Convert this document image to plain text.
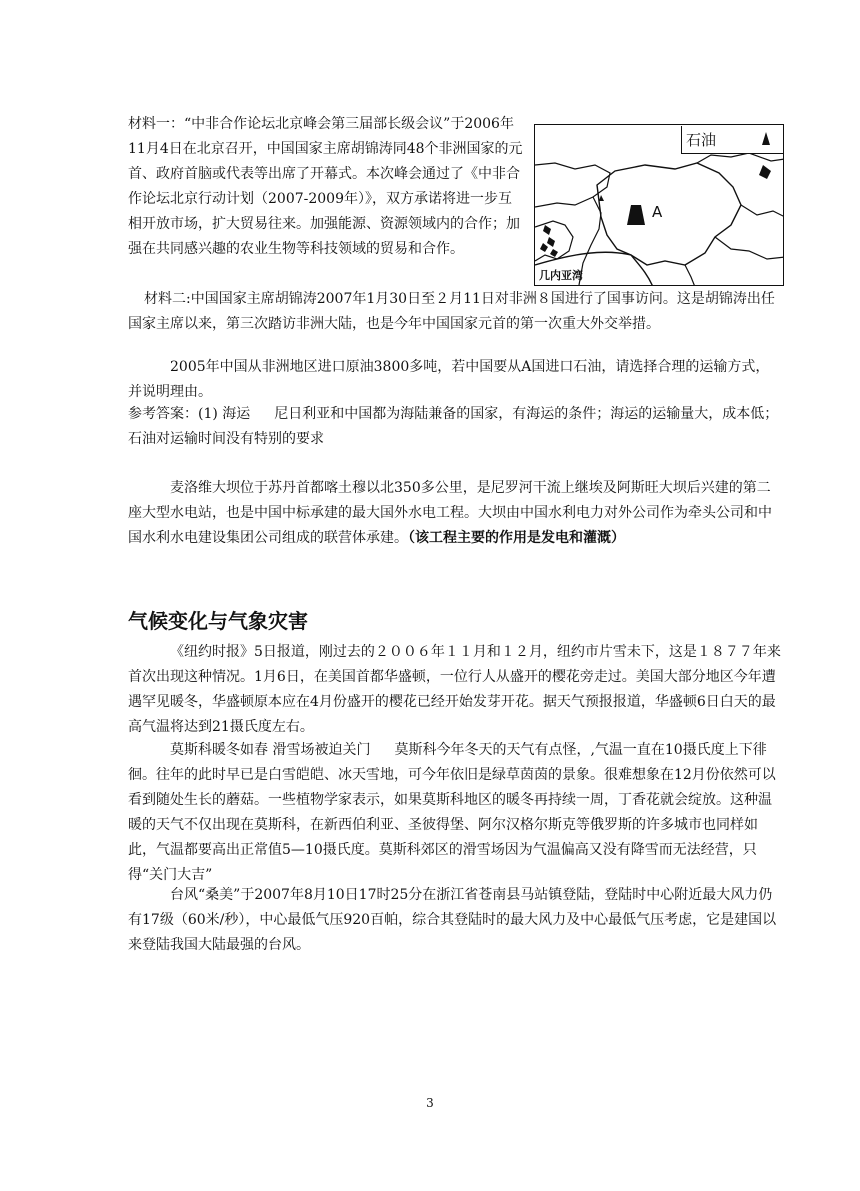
材料一：“中非合作论坛北京峰会第三届部长级会议”于2006年11月4日在北京召开，中国国家主席胡锦涛同48个非洲国家的元首、政府首脑或代表等出席了开幕式。本次峰会通过了《中非合作论坛北京行动计划（2007-2009年）》，双方承诺将进一步互相开放市场，扩大贸易往来。加强能源、资源领域内的合作；加强在共同感兴趣的农业生物等科技领域的贸易和合作。

石油
A
几内亚湾

材料二:中国国家主席胡锦涛2007年1月30日至２月11日对非洲８国进行了国事访问。这是胡锦涛出任国家主席以来，第三次踏访非洲大陆，也是今年中国国家元首的第一次重大外交举措。

2005年中国从非洲地区进口原油3800多吨，若中国要从A国进口石油，请选择合理的运输方式，并说明理由。

参考答案：(1) 海运 尼日利亚和中国都为海陆兼备的国家，有海运的条件；海运的运输量大，成本低；石油对运输时间没有特别的要求

麦洛维大坝位于苏丹首都喀土穆以北350多公里，是尼罗河干流上继埃及阿斯旺大坝后兴建的第二座大型水电站，也是中国中标承建的最大国外水电工程。大坝由中国水利电力对外公司作为牵头公司和中国水利水电建设集团公司组成的联营体承建。（该工程主要的作用是发电和灌溉）

气候变化与气象灾害

《纽约时报》5日报道，刚过去的２００６年１１月和１２月，纽约市片雪未下，这是１８７７年来首次出现这种情况。1月6日，在美国首都华盛顿，一位行人从盛开的樱花旁走过。美国大部分地区今年遭遇罕见暖冬，华盛顿原本应在4月份盛开的樱花已经开始发芽开花。据天气预报报道，华盛顿6日白天的最高气温将达到21摄氏度左右。

莫斯科暖冬如春 滑雪场被迫关门 莫斯科今年冬天的天气有点怪，,气温一直在10摄氏度上下徘徊。往年的此时早已是白雪皑皑、冰天雪地，可今年依旧是绿草茵茵的景象。很难想象在12月份依然可以看到随处生长的蘑菇。一些植物学家表示，如果莫斯科地区的暖冬再持续一周，丁香花就会绽放。这种温暖的天气不仅出现在莫斯科，在新西伯利亚、圣彼得堡、阿尔汉格尔斯克等俄罗斯的许多城市也同样如此，气温都要高出正常值5—10摄氏度。莫斯科郊区的滑雪场因为气温偏高又没有降雪而无法经营，只得“关门大吉”

台风“桑美”于2007年8月10日17时25分在浙江省苍南县马站镇登陆，登陆时中心附近最大风力仍有17级（60米/秒），中心最低气压920百帕，综合其登陆时的最大风力及中心最低气压考虑，它是建国以来登陆我国大陆最强的台风。

3
